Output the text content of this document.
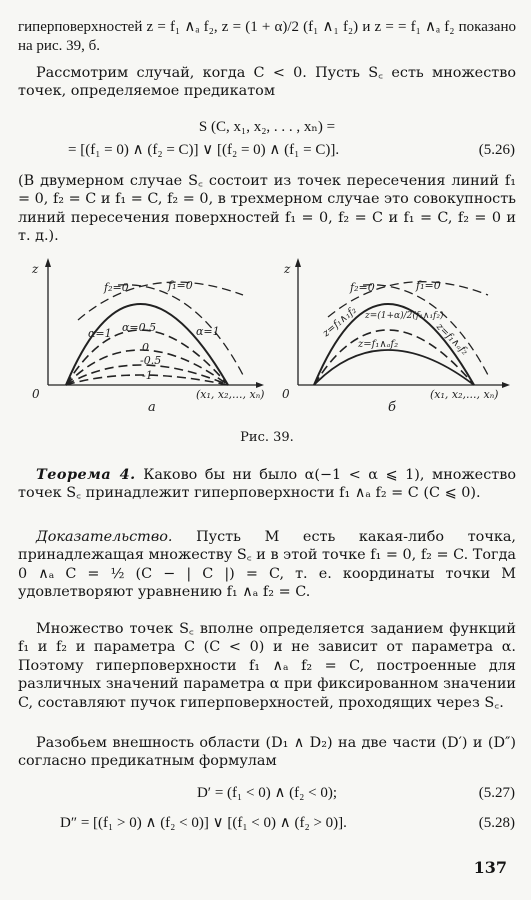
гиперповерхностей z = f₁ ∧ₐ f₂, z = (1 + α)/2 (f₁ ∧₁ f₂) и z = = f₁ ∧ₐ f₂ показано на рис. 39, б.

Рассмотрим случай, когда C < 0. Пусть S꜀ есть множество точек, определяемое предикатом

S (C, x₁, x₂, . . . , xₙ) =
= [(f₁ = 0) ∧ (f₂ = C)] ∨ [(f₂ = 0) ∧ (f₁ = C)].	(5.26)

(В двумерном случае S꜀ состоит из точек пересечения линий f₁ = 0, f₂ = C и f₁ = C, f₂ = 0, в трехмерном случае это совокупность линий пересечения поверхностей f₁ = 0, f₂ = C и f₁ = C, f₂ = 0 и т. д.).

z
0	(x₁, x₂,..., xₙ)
а
f₂=0	f₁=0
α=1	α=1
α=0.5
0
-0.5
-1
z
0	(x₁, x₂,..., xₙ)
б
f₂=0	f₁=0
z=f₁∧₁f₂	z=f₁∧ₐf₂
z=(1+α)/2(f₁∧₁f₂)
z=f₁∧ₐf₂
Рис. 39.

Теорема 4. Каково бы ни было α(−1 < α ⩽ 1), множество точек S꜀ принадлежит гиперповерхности f₁ ∧ₐ f₂ = C (C ⩽ 0).

Доказательство. Пусть M есть какая-либо точка, принадлежащая множеству S꜀ и в этой точке f₁ = 0, f₂ = C. Тогда 0 ∧ₐ C = ½ (C − | C |) = C, т. е. координаты точки M удовлетворяют уравнению f₁ ∧ₐ f₂ = C.

Множество точек S꜀ вполне определяется заданием функций f₁ и f₂ и параметра C (C < 0) и не зависит от параметра α. Поэтому гиперповерхности f₁ ∧ₐ f₂ = C, построенные для различных значений параметра α при фиксированном значении C, составляют пучок гиперповерхностей, проходящих через S꜀.

Разобьем внешность области (D₁ ∧ D₂) на две части (D′) и (D″) согласно предикатным формулам

D′ = (f₁ < 0) ∧ (f₂ < 0);	(5.27)
D″ = [(f₁ > 0) ∧ (f₂ < 0)] ∨ [(f₁ < 0) ∧ (f₂ > 0)].	(5.28)
137
